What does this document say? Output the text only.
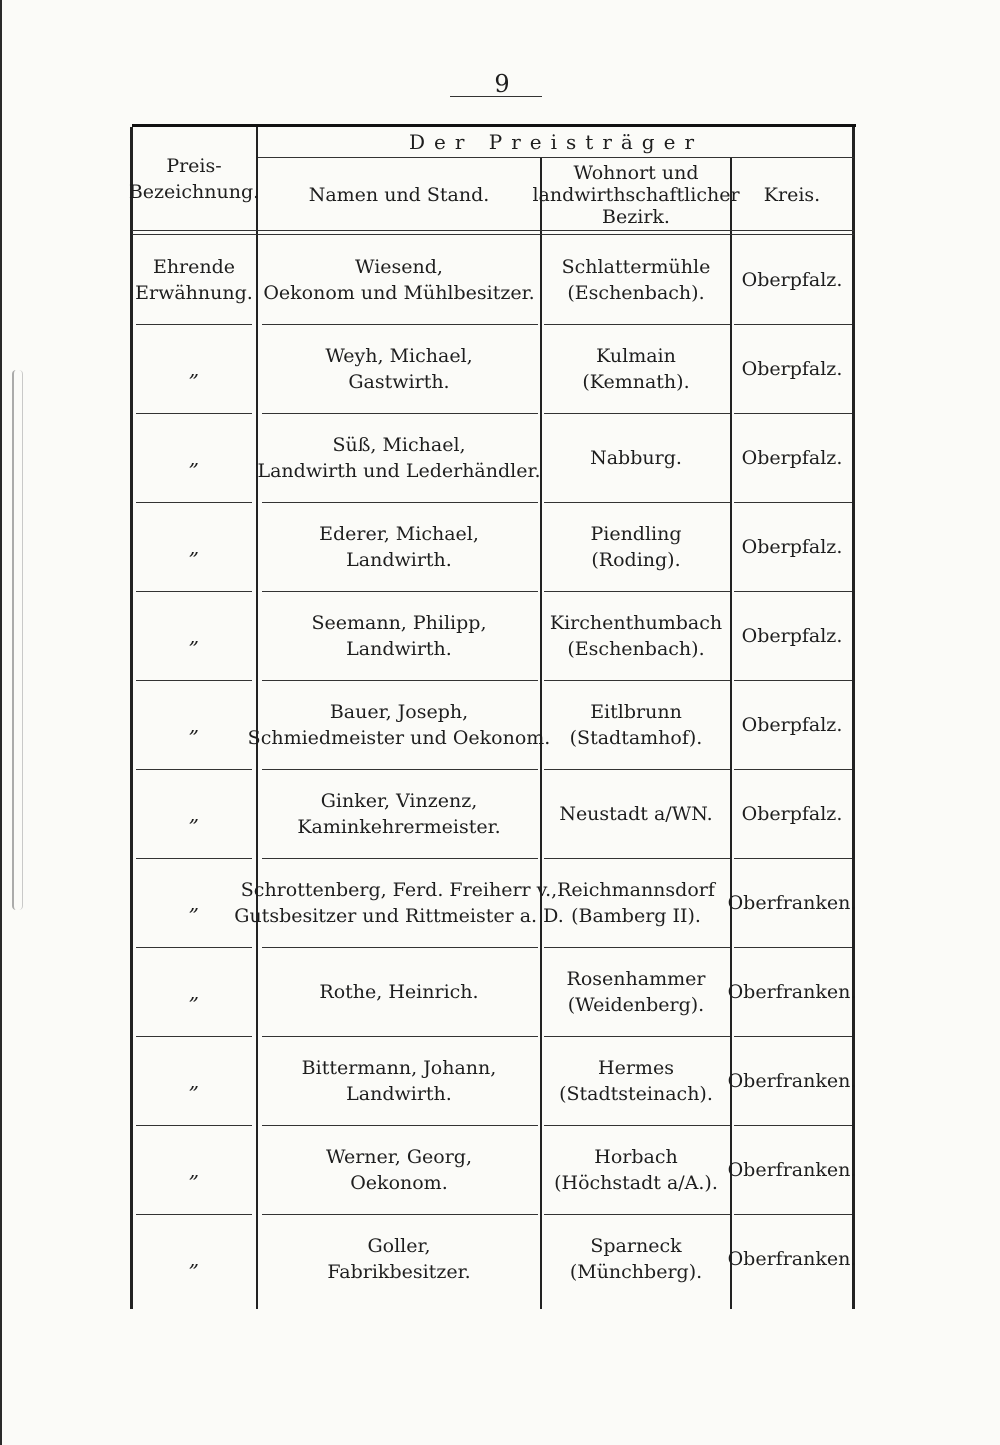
9
Preis-
Bezeichnung.
Der Preisträger
Namen und Stand.
Wohnort und
landwirthschaftlicher
Bezirk.
Kreis.
Ehrende
Erwähnung.
Wiesend,
Oekonom und Mühlbesitzer.
Schlattermühle
(Eschenbach).
Oberpfalz.
„
Weyh, Michael,
Gastwirth.
Kulmain
(Kemnath).
Oberpfalz.
„
Süß, Michael,
Landwirth und Lederhändler.
Nabburg.	Oberpfalz.
„
Ederer, Michael,
Landwirth.
Piendling
(Roding).
Oberpfalz.
„
Seemann, Philipp,
Landwirth.
Kirchenthumbach
(Eschenbach).
Oberpfalz.
„
Bauer, Joseph,
Schmiedmeister und Oekonom.
Eitlbrunn
(Stadtamhof).
Oberpfalz.
„
Ginker, Vinzenz,
Kaminkehrermeister.
Neustadt a/WN. Oberpfalz.
„
Schrottenberg, Ferd. Freiherr v.,
Gutsbesitzer und Rittmeister a. D.
Reichmannsdorf
(Bamberg II).
Oberfranken.
„	Rothe, Heinrich.
Rosenhammer
(Weidenberg).
Oberfranken.
„
Bittermann, Johann,
Landwirth.
Hermes
(Stadtsteinach).
Oberfranken.
„
Werner, Georg,
Oekonom.
Horbach
(Höchstadt a/A.).
Oberfranken.
„
Goller,
Fabrikbesitzer.
Sparneck
(Münchberg).
Oberfranken.
